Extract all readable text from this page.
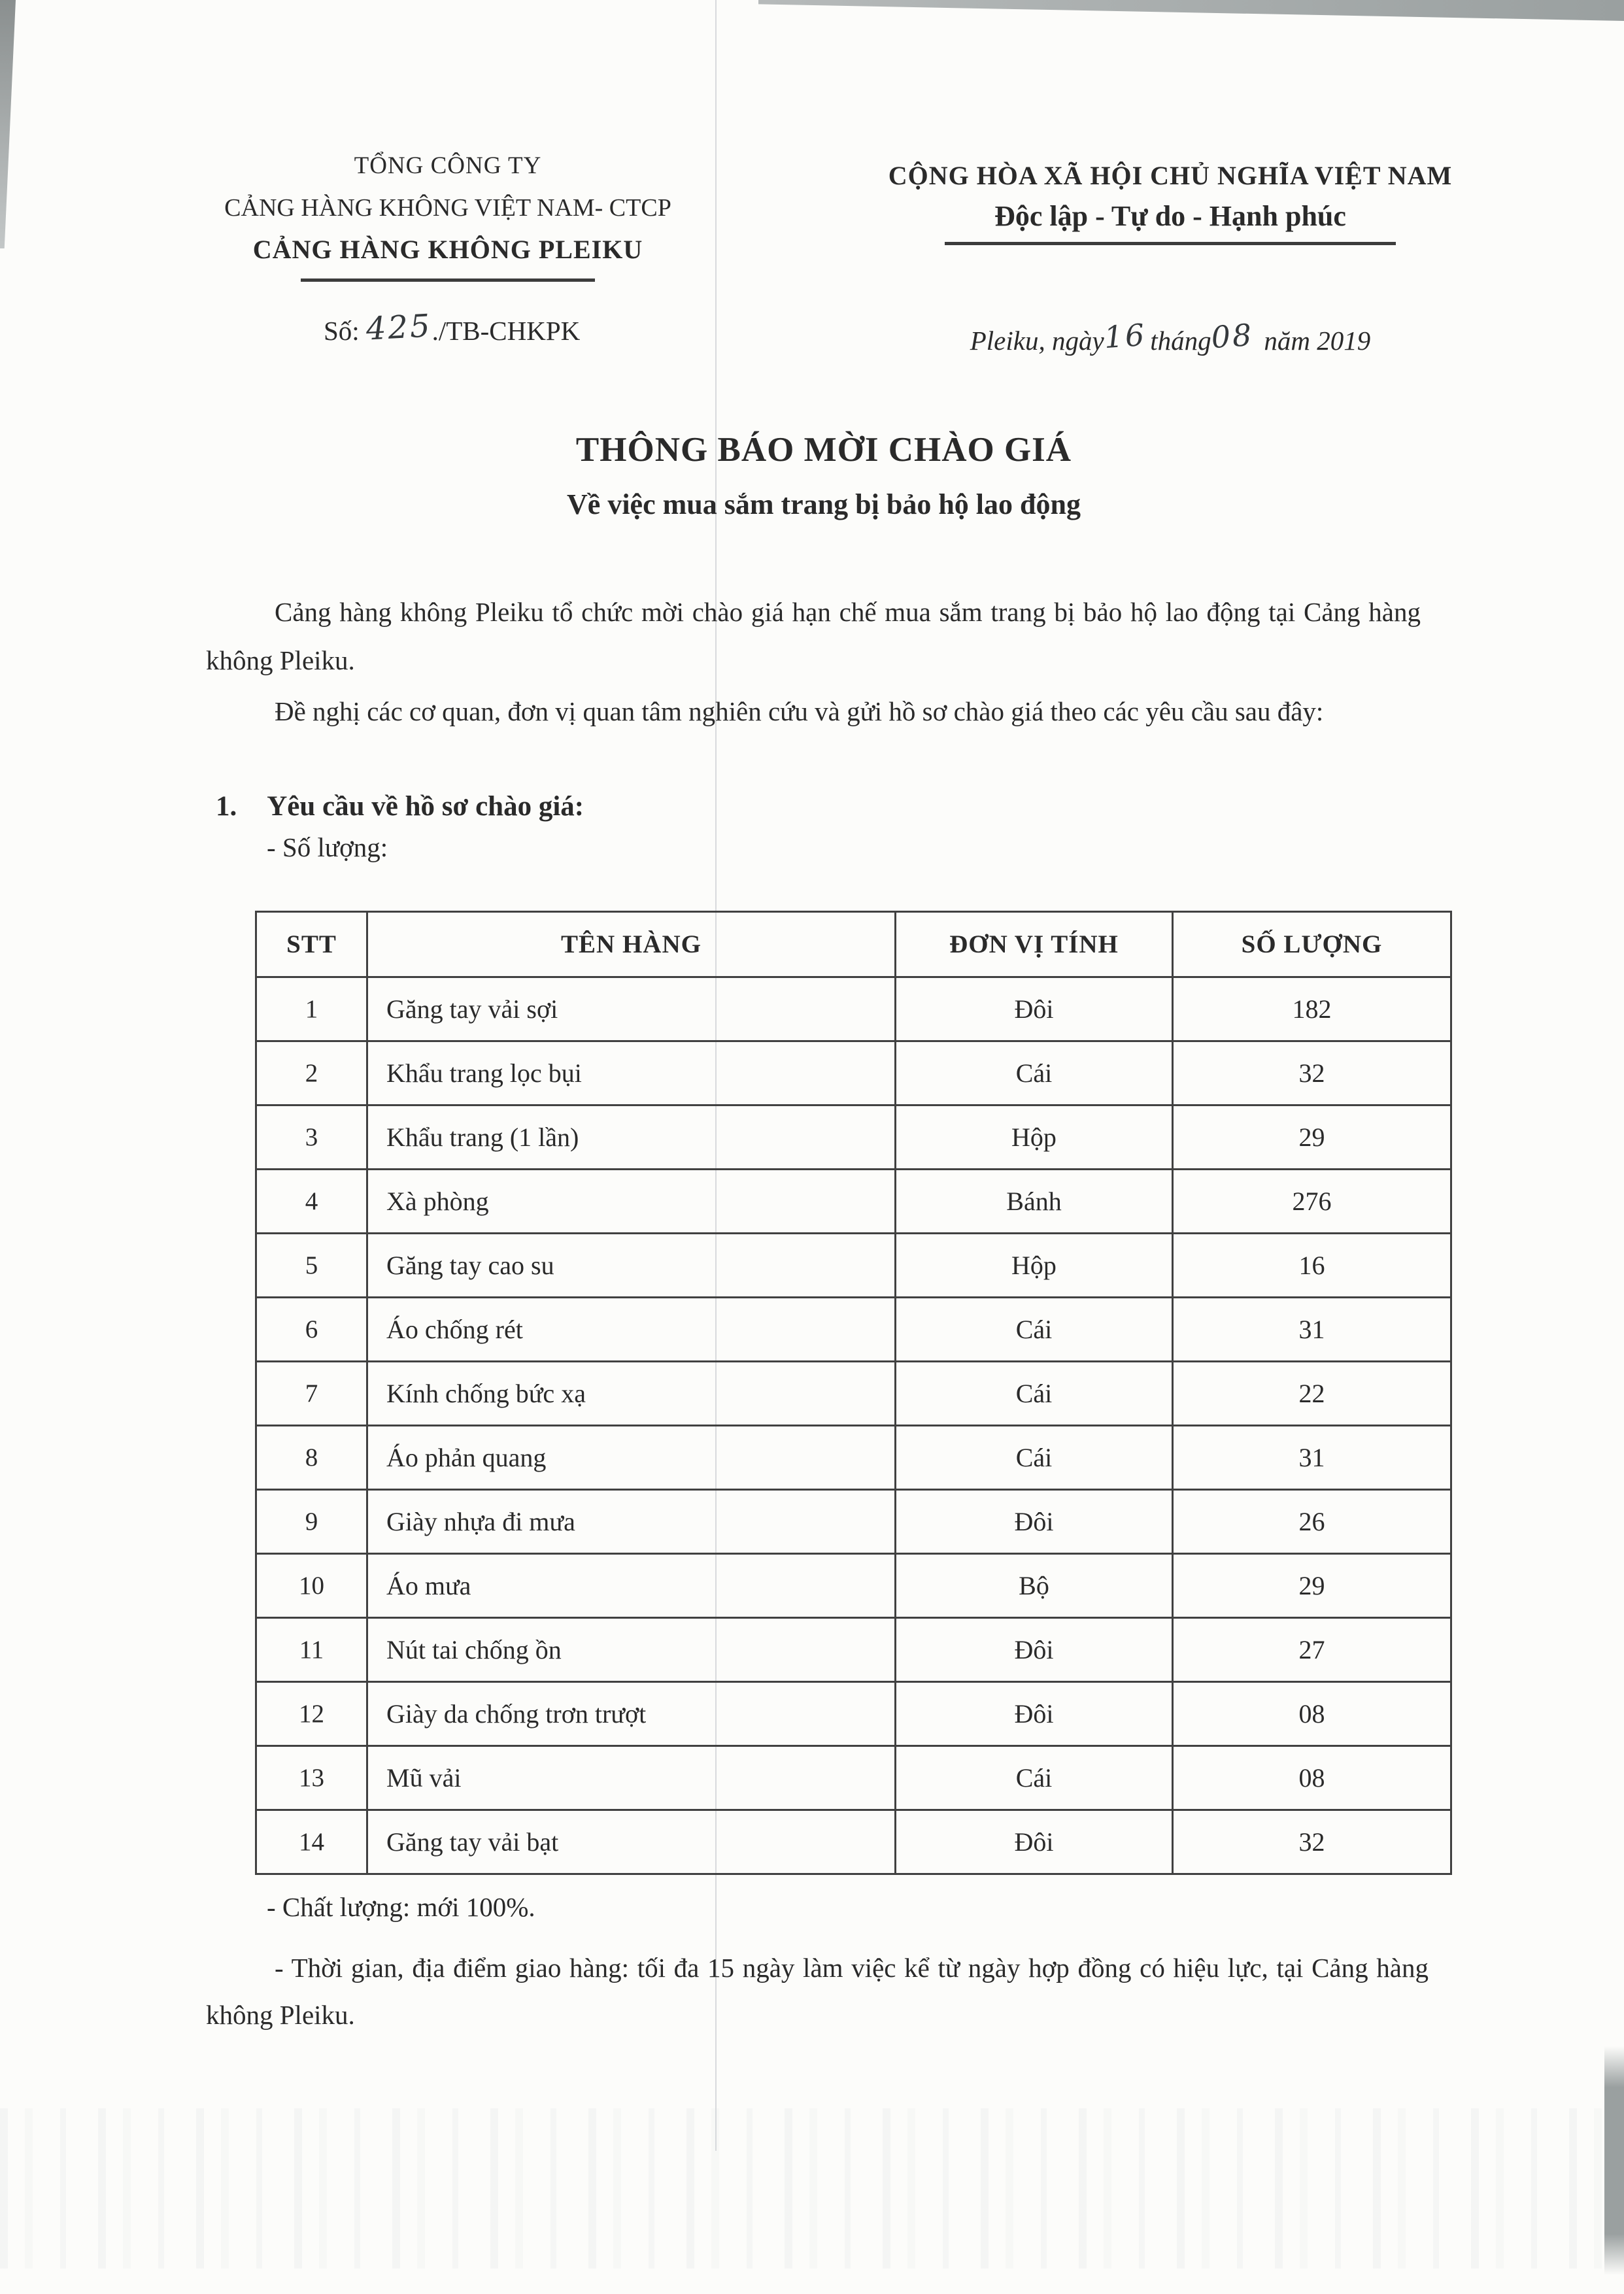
TỔNG CÔNG TY
CẢNG HÀNG KHÔNG VIỆT NAM- CTCP
CẢNG HÀNG KHÔNG PLEIKU
CỘNG HÒA XÃ HỘI CHỦ NGHĨA VIỆT NAM
Độc lập - Tự do - Hạnh phúc
Số: 425./TB-CHKPK	Pleiku, ngày16 tháng08 năm 2019
THÔNG BÁO MỜI CHÀO GIÁ
Về việc mua sắm trang bị bảo hộ lao động
Cảng hàng không Pleiku tổ chức mời chào giá hạn chế mua sắm trang bị bảo hộ lao động tại Cảng hàng không Pleiku.
Đề nghị các cơ quan, đơn vị quan tâm nghiên cứu và gửi hồ sơ chào giá theo các yêu cầu sau đây:
1. Yêu cầu về hồ sơ chào giá:
- Số lượng:
STT	TÊN HÀNG	ĐƠN VỊ TÍNH	SỐ LƯỢNG
1	Găng tay vải sợi	Đôi	182
2	Khẩu trang lọc bụi	Cái	32
3	Khẩu trang (1 lần)	Hộp	29
4	Xà phòng	Bánh	276
5	Găng tay cao su	Hộp	16
6	Áo chống rét	Cái	31
7	Kính chống bức xạ	Cái	22
8	Áo phản quang	Cái	31
9	Giày nhựa đi mưa	Đôi	26
10	Áo mưa	Bộ	29
11	Nút tai chống ồn	Đôi	27
12	Giày da chống trơn trượt	Đôi	08
13	Mũ vải	Cái	08
14	Găng tay vải bạt	Đôi	32
- Chất lượng: mới 100%.
- Thời gian, địa điểm giao hàng: tối đa 15 ngày làm việc kể từ ngày hợp đồng có hiệu lực, tại Cảng hàng không Pleiku.
